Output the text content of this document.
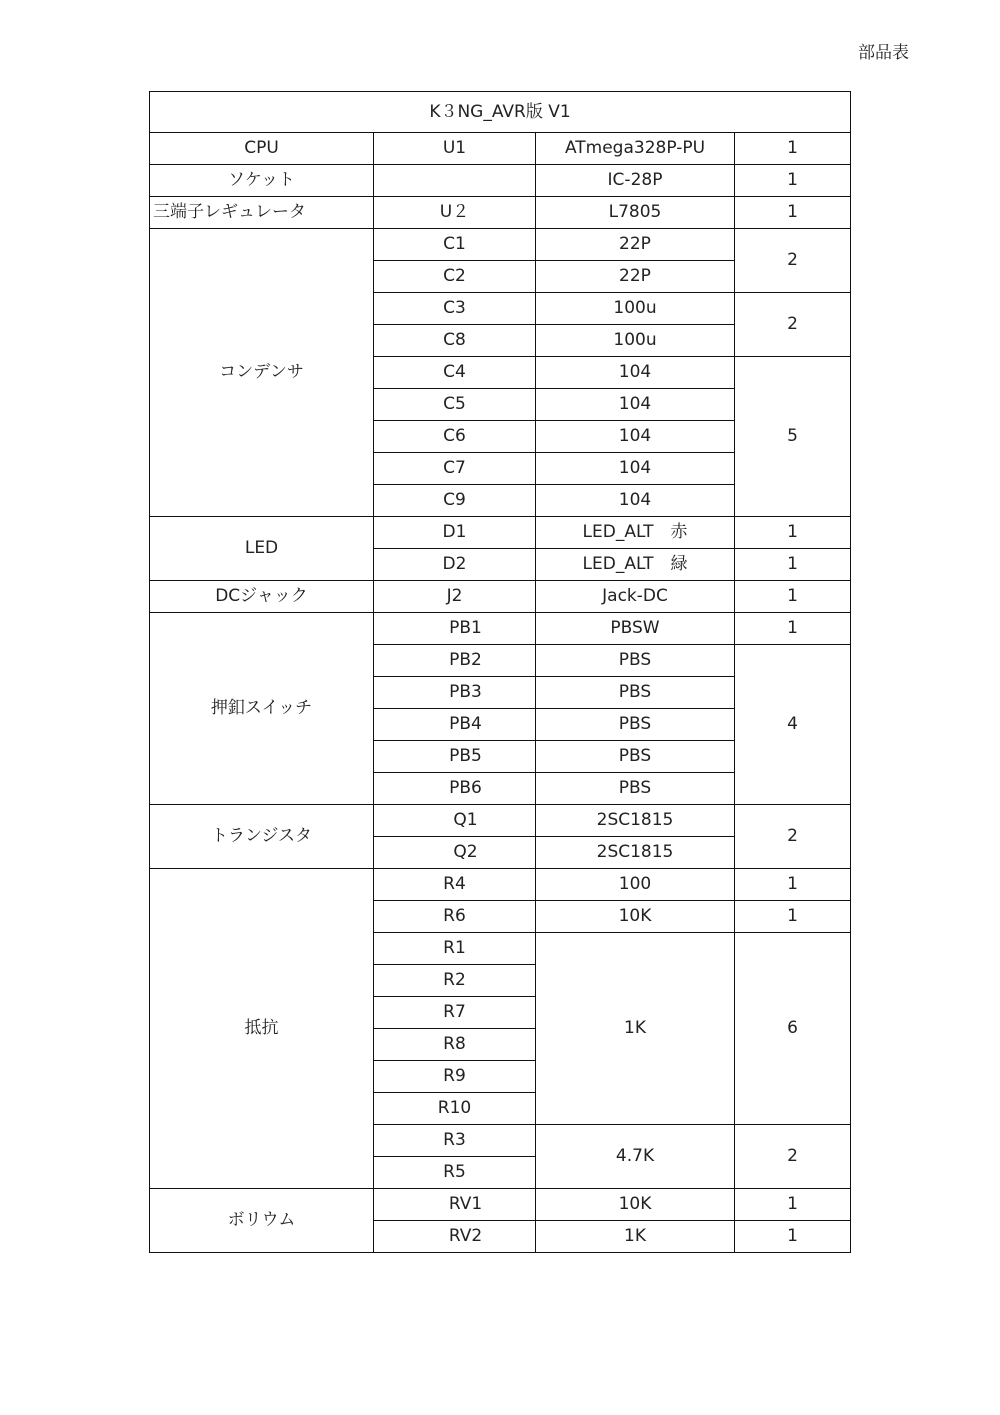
部品表
K３NG_AVR版 V1			
CPU	U1	ATmega328P-PU	1
ソケット		IC-28P	1
三端子レギュレータ	U２	L7805	1
コンデンサ	C1	22P	2
	C2	22P	
	C3	100u	2
	C8	100u	
	C4	104	5
	C5	104	
	C6	104	
	C7	104	
	C9	104	
LED	D1	LED_ALT　赤	1
	D2	LED_ALT　緑	1
DCジャック	J2	Jack-DC	1
押釦スイッチ	PB1	PBSW	1
	PB2	PBS	4
	PB3	PBS	
	PB4	PBS	
	PB5	PBS	
	PB6	PBS	
トランジスタ	Q1	2SC1815	2
	Q2	2SC1815	
抵抗	R4	100	1
	R6	10K	1
	R1	1K	6
	R2		
	R7		
	R8		
	R9		
	R10		
	R3	4.7K	2
	R5		
ボリウム	RV1	10K	1
	RV2	1K	1
